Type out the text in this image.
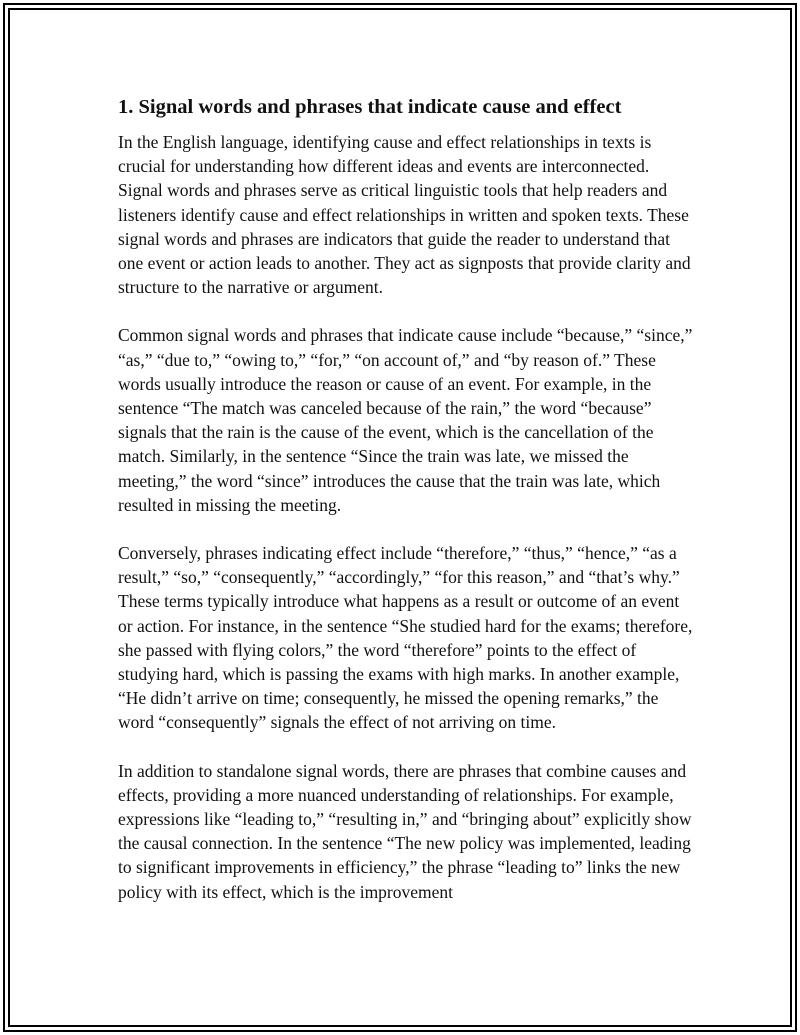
1. Signal words and phrases that indicate cause and effect

In the English language, identifying cause and effect relationships in texts is crucial for understanding how different ideas and events are interconnected. Signal words and phrases serve as critical linguistic tools that help readers and listeners identify cause and effect relationships in written and spoken texts. These signal words and phrases are indicators that guide the reader to understand that one event or action leads to another. They act as signposts that provide clarity and structure to the narrative or argument.

Common signal words and phrases that indicate cause include “because,” “since,” “as,” “due to,” “owing to,” “for,” “on account of,” and “by reason of.” These words usually introduce the reason or cause of an event. For example, in the sentence “The match was canceled because of the rain,” the word “because” signals that the rain is the cause of the event, which is the cancellation of the match. Similarly, in the sentence “Since the train was late, we missed the meeting,” the word “since” introduces the cause that the train was late, which resulted in missing the meeting.

Conversely, phrases indicating effect include “therefore,” “thus,” “hence,” “as a result,” “so,” “consequently,” “accordingly,” “for this reason,” and “that’s why.” These terms typically introduce what happens as a result or outcome of an event or action. For instance, in the sentence “She studied hard for the exams; therefore, she passed with flying colors,” the word “therefore” points to the effect of studying hard, which is passing the exams with high marks. In another example, “He didn’t arrive on time; consequently, he missed the opening remarks,” the word “consequently” signals the effect of not arriving on time.

In addition to standalone signal words, there are phrases that combine causes and effects, providing a more nuanced understanding of relationships. For example, expressions like “leading to,” “resulting in,” and “bringing about” explicitly show the causal connection. In the sentence “The new policy was implemented, leading to significant improvements in efficiency,” the phrase “leading to” links the new policy with its effect, which is the improvement
